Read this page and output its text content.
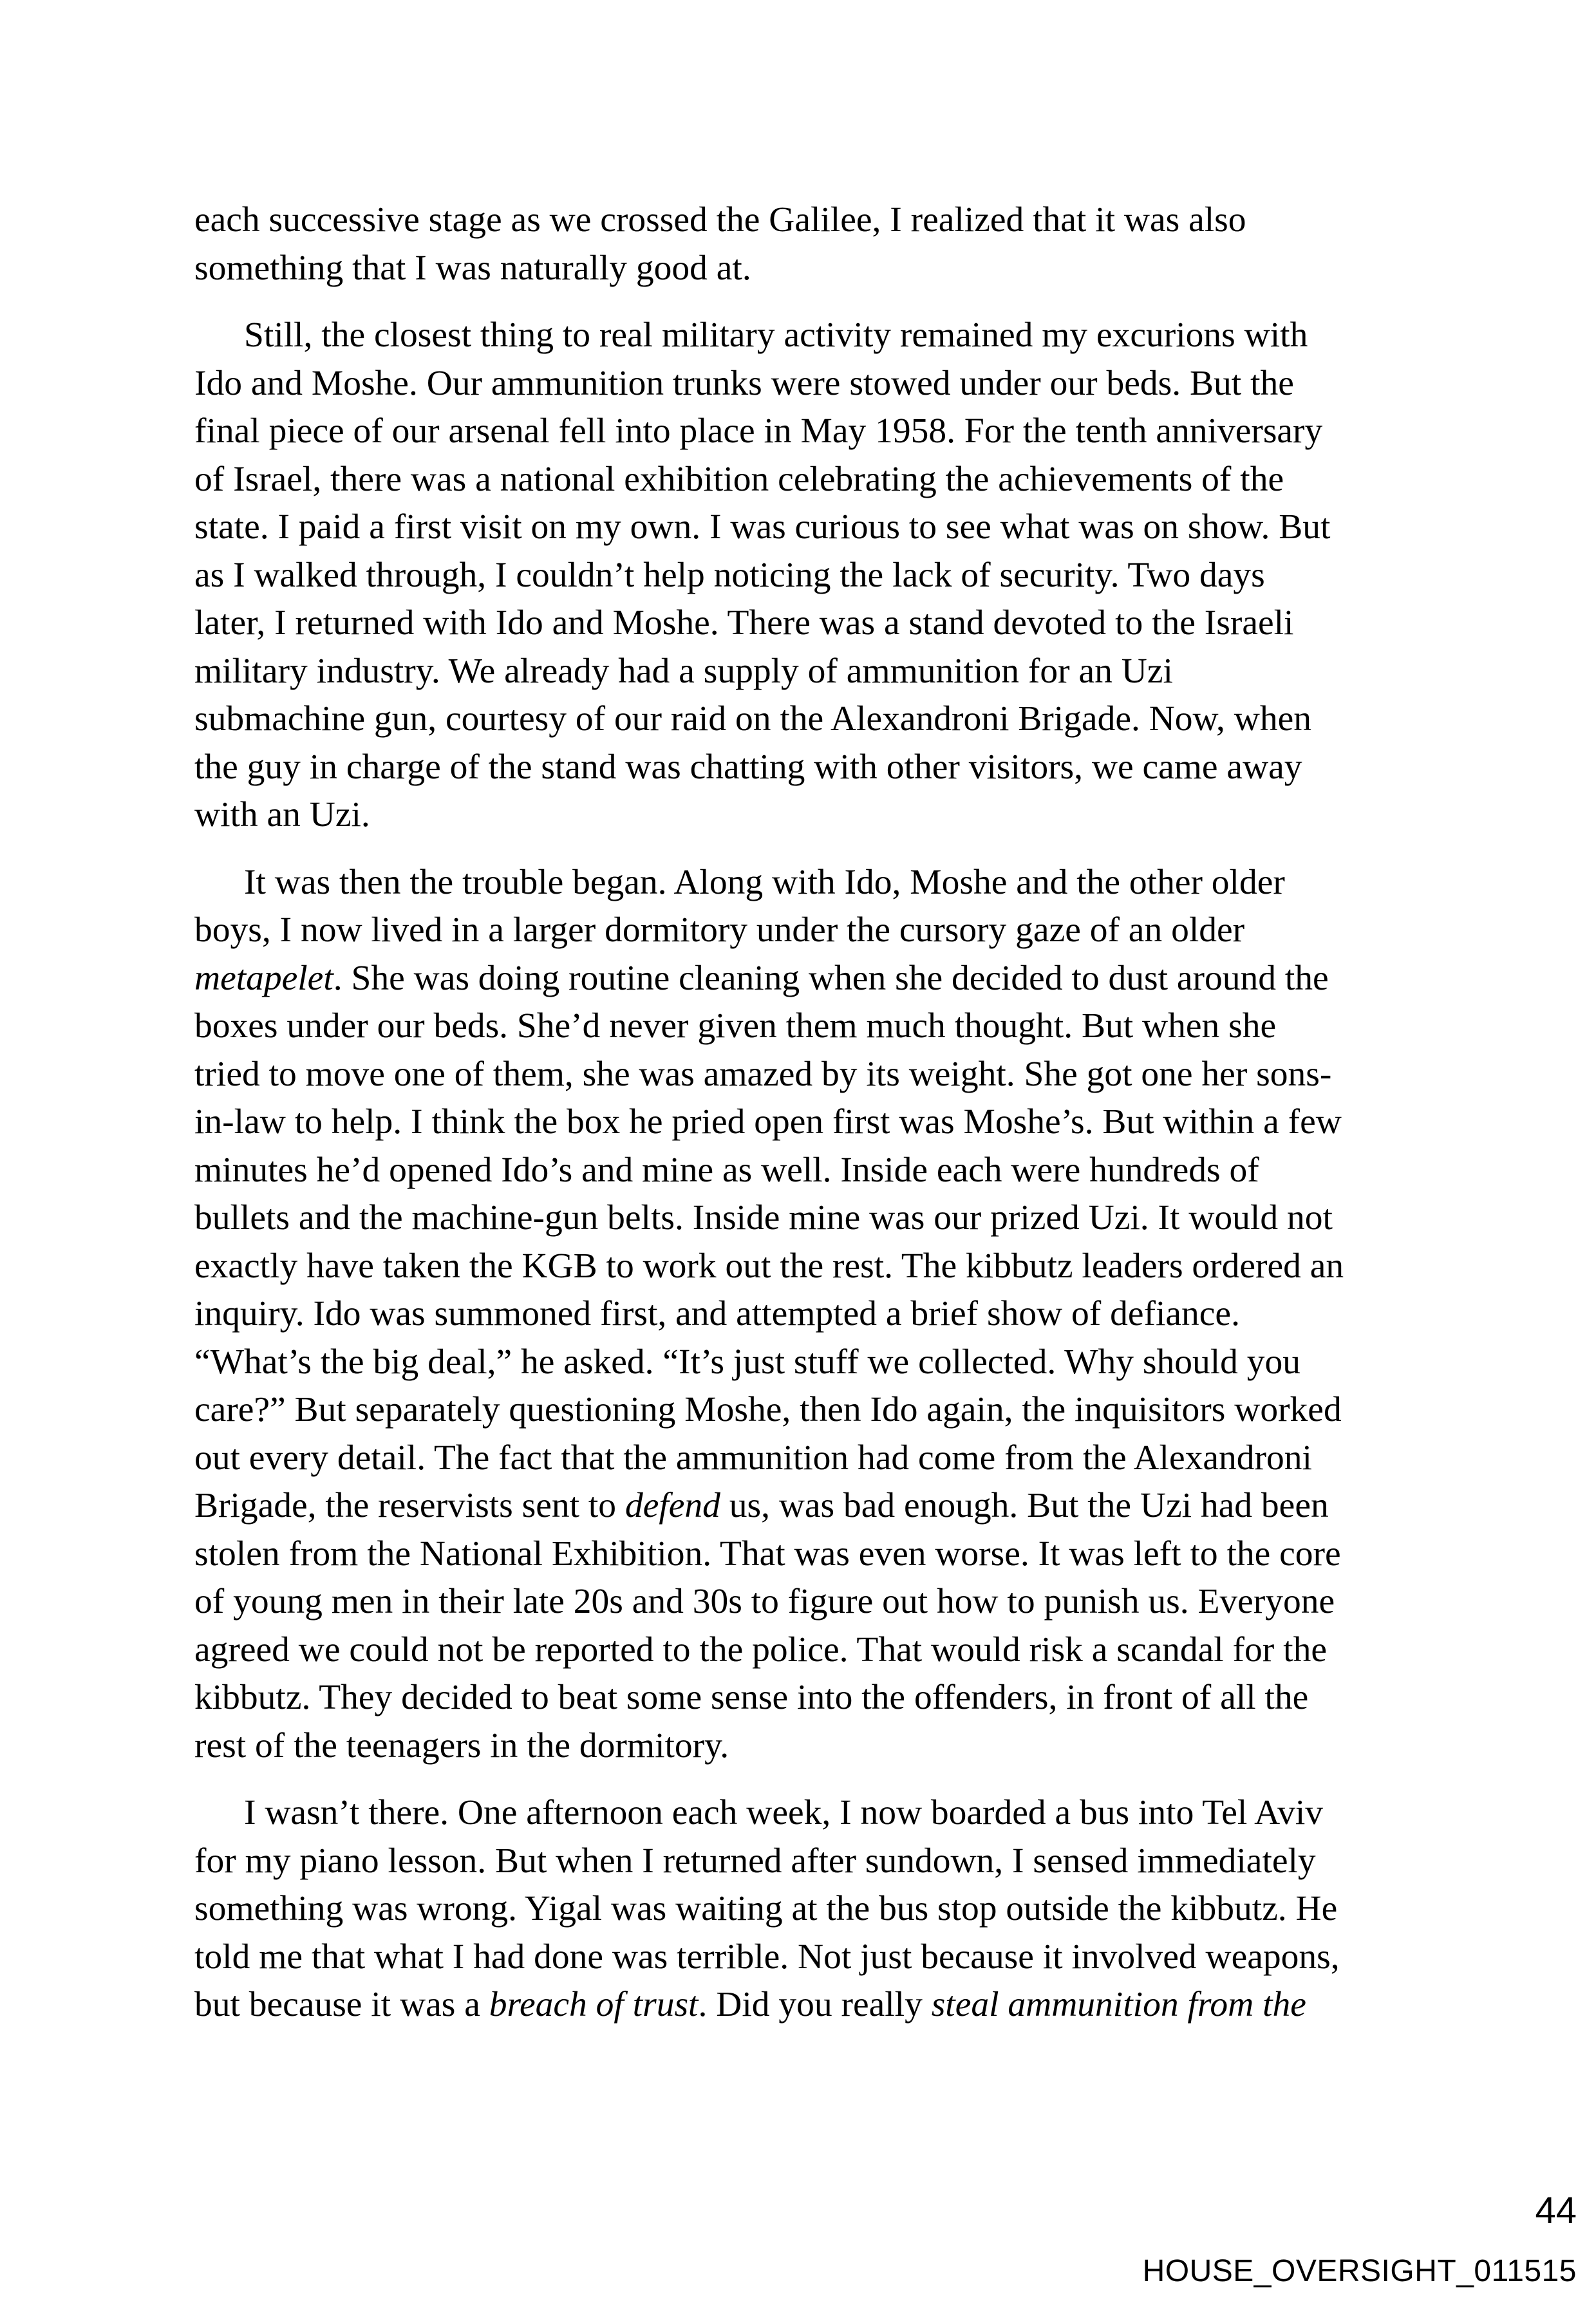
each successive stage as we crossed the Galilee, I realized that it was also
something that I was naturally good at.

Still, the closest thing to real military activity remained my excurions with
Ido and Moshe. Our ammunition trunks were stowed under our beds. But the
final piece of our arsenal fell into place in May 1958. For the tenth anniversary
of Israel, there was a national exhibition celebrating the achievements of the
state. I paid a first visit on my own. I was curious to see what was on show. But
as I walked through, I couldn’t help noticing the lack of security. Two days
later, I returned with Ido and Moshe. There was a stand devoted to the Israeli
military industry. We already had a supply of ammunition for an Uzi
submachine gun, courtesy of our raid on the Alexandroni Brigade. Now, when
the guy in charge of the stand was chatting with other visitors, we came away
with an Uzi.

It was then the trouble began. Along with Ido, Moshe and the other older
boys, I now lived in a larger dormitory under the cursory gaze of an older
metapelet. She was doing routine cleaning when she decided to dust around the
boxes under our beds. She’d never given them much thought. But when she
tried to move one of them, she was amazed by its weight. She got one her sons-
in-law to help. I think the box he pried open first was Moshe’s. But within a few
minutes he’d opened Ido’s and mine as well. Inside each were hundreds of
bullets and the machine-gun belts. Inside mine was our prized Uzi. It would not
exactly have taken the KGB to work out the rest. The kibbutz leaders ordered an
inquiry. Ido was summoned first, and attempted a brief show of defiance.
“What’s the big deal,” he asked. “It’s just stuff we collected. Why should you
care?” But separately questioning Moshe, then Ido again, the inquisitors worked
out every detail. The fact that the ammunition had come from the Alexandroni
Brigade, the reservists sent to defend us, was bad enough. But the Uzi had been
stolen from the National Exhibition. That was even worse. It was left to the core
of young men in their late 20s and 30s to figure out how to punish us. Everyone
agreed we could not be reported to the police. That would risk a scandal for the
kibbutz. They decided to beat some sense into the offenders, in front of all the
rest of the teenagers in the dormitory.

I wasn’t there. One afternoon each week, I now boarded a bus into Tel Aviv
for my piano lesson. But when I returned after sundown, I sensed immediately
something was wrong. Yigal was waiting at the bus stop outside the kibbutz. He
told me that what I had done was terrible. Not just because it involved weapons,
but because it was a breach of trust. Did you really steal ammunition from the

44
HOUSE_OVERSIGHT_011515
